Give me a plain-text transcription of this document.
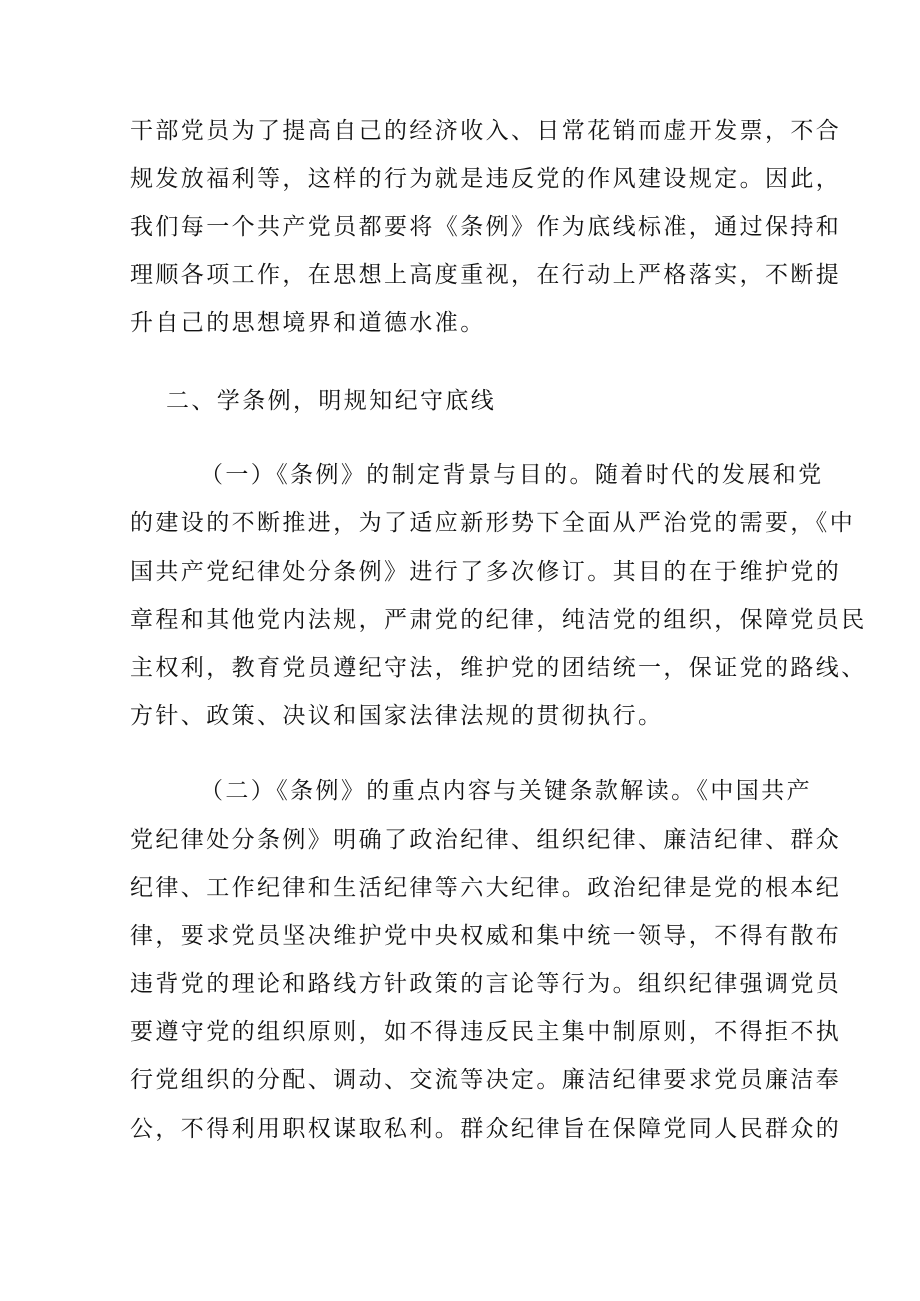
干部党员为了提高自己的经济收入、日常花销而虚开发票，不合
规发放福利等，这样的行为就是违反党的作风建设规定。因此，
我们每一个共产党员都要将《条例》作为底线标准，通过保持和
理顺各项工作，在思想上高度重视，在行动上严格落实，不断提
升自己的思想境界和道德水准。
二、学条例，明规知纪守底线
（一）《条例》的制定背景与目的。随着时代的发展和党
的建设的不断推进，为了适应新形势下全面从严治党的需要，《中
国共产党纪律处分条例》进行了多次修订。其目的在于维护党的
章程和其他党内法规，严肃党的纪律，纯洁党的组织，保障党员民
主权利，教育党员遵纪守法，维护党的团结统一，保证党的路线、
方针、政策、决议和国家法律法规的贯彻执行。
（二）《条例》的重点内容与关键条款解读。《中国共产
党纪律处分条例》明确了政治纪律、组织纪律、廉洁纪律、群众
纪律、工作纪律和生活纪律等六大纪律。政治纪律是党的根本纪
律，要求党员坚决维护党中央权威和集中统一领导，不得有散布
违背党的理论和路线方针政策的言论等行为。组织纪律强调党员
要遵守党的组织原则，如不得违反民主集中制原则，不得拒不执
行党组织的分配、调动、交流等决定。廉洁纪律要求党员廉洁奉
公，不得利用职权谋取私利。群众纪律旨在保障党同人民群众的
